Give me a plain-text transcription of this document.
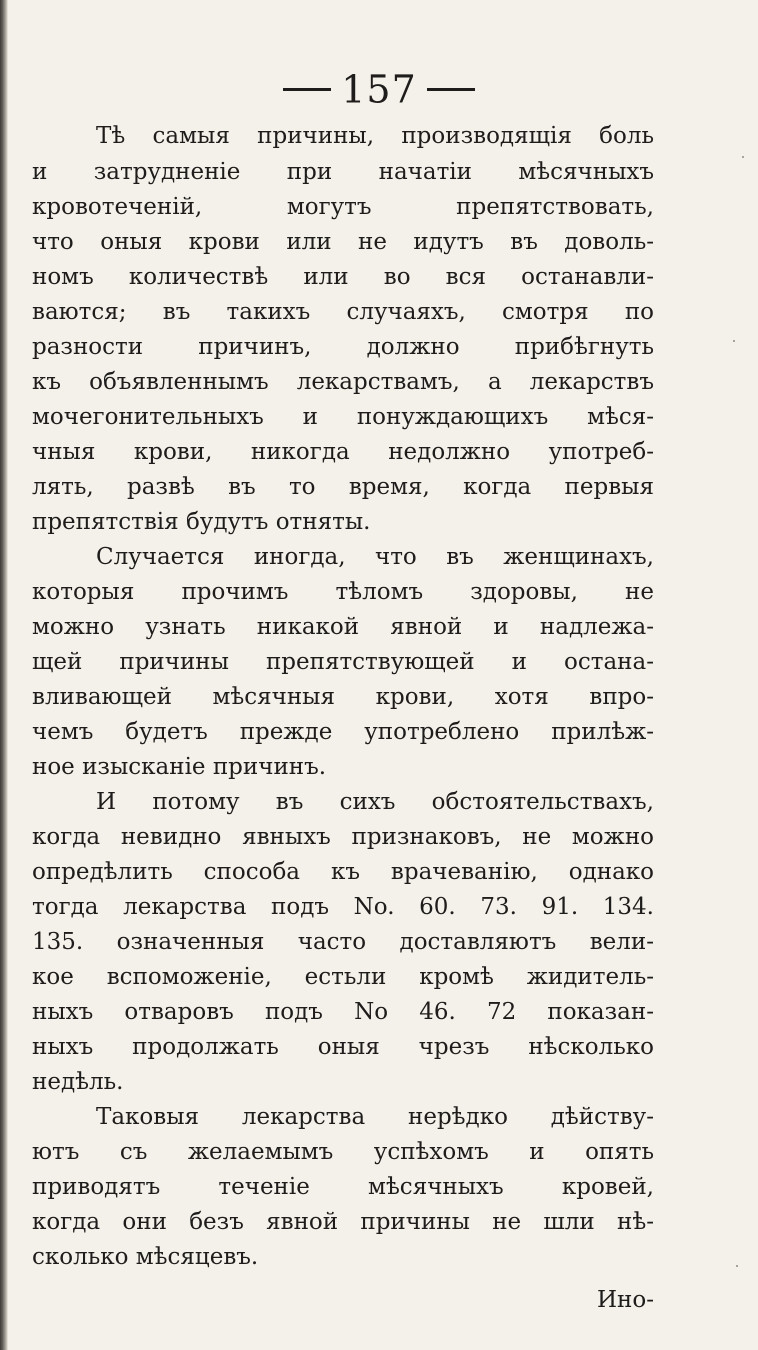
157
Тѣ самыя причины, производящія боль
и затрудненіе при начатіи мѣсячныхъ
кровотеченій, могутъ препятствовать,
что оныя крови или не идутъ въ доволь-
номъ количествѣ или во вся останавли-
ваются; въ такихъ случаяхъ, смотря по
разности причинъ, должно прибѣгнуть
къ объявленнымъ лекарствамъ, а лекарствъ
мочегонительныхъ и понуждающихъ мѣся-
чныя крови, никогда недолжно употреб-
лять, развѣ въ то время, когда первыя
препятствія будутъ отняты.
Случается иногда, что въ женщинахъ,
которыя прочимъ тѣломъ здоровы, не
можно узнать никакой явной и надлежа-
щей причины препятствующей и остана-
вливающей мѣсячныя крови, хотя впро-
чемъ будетъ прежде употреблено прилѣж-
ное изысканіе причинъ.
И потому въ сихъ обстоятельствахъ,
когда невидно явныхъ признаковъ, не можно
опредѣлить способа къ врачеванію, однако
тогда лекарства подъ No. 60. 73. 91. 134.
135. означенныя часто доставляютъ вели-
кое вспоможеніе, естьли кромѣ жидитель-
ныхъ отваровъ подъ No 46. 72 показан-
ныхъ продолжать оныя чрезъ нѣсколько
недѣль.
Таковыя лекарства нерѣдко дѣйству-
ютъ съ желаемымъ успѣхомъ и опять
приводятъ теченіе мѣсячныхъ кровей,
когда они безъ явной причины не шли нѣ-
сколько мѣсяцевъ.
Ино-
